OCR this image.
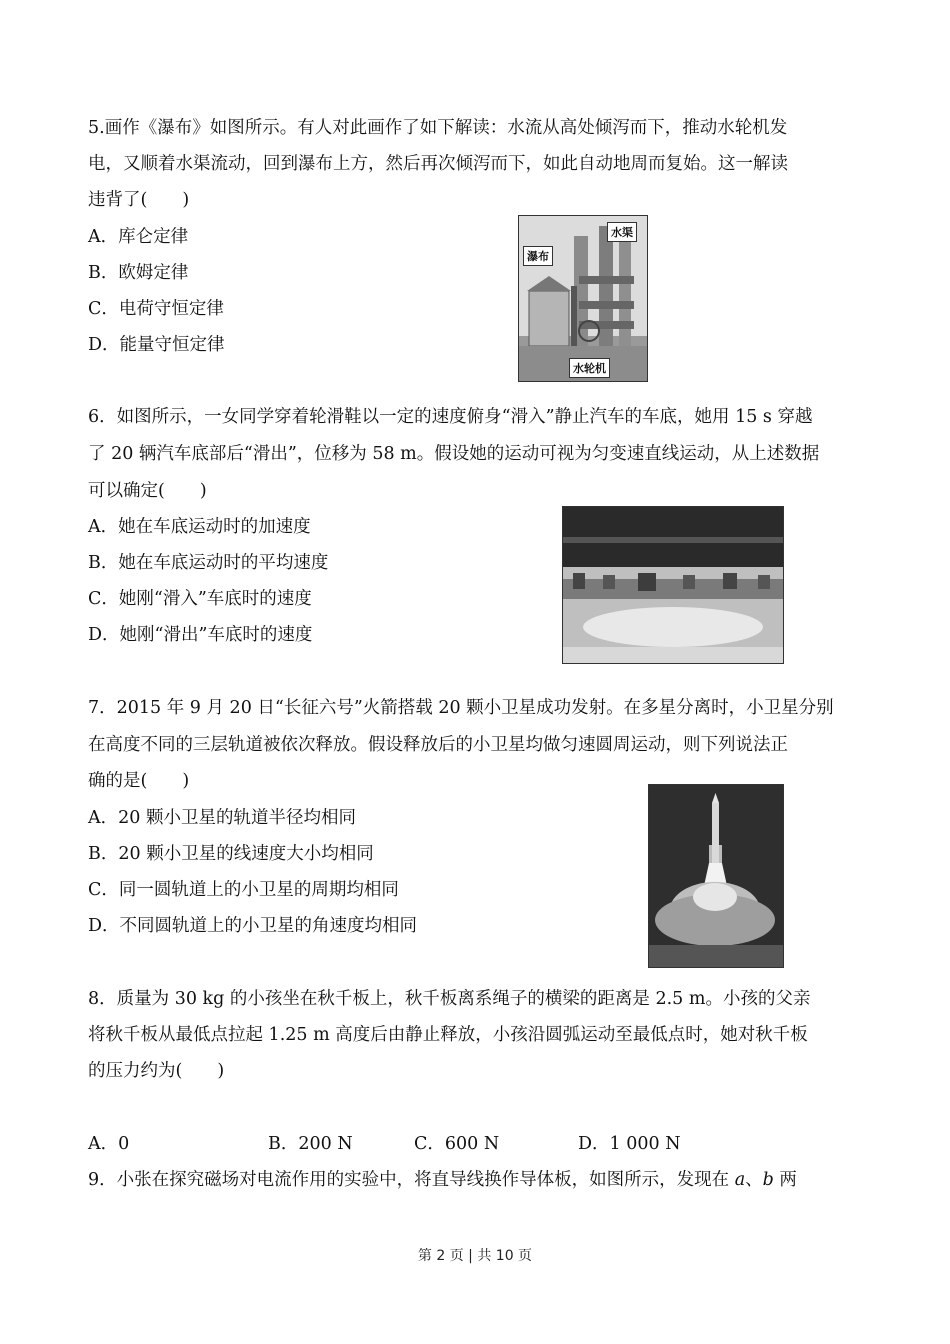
5.画作《瀑布》如图所示。有人对此画作了如下解读：水流从高处倾泻而下，推动水轮机发
电，又顺着水渠流动，回到瀑布上方，然后再次倾泻而下，如此自动地周而复始。这一解读
违背了(　　)
A．库仑定律
B．欧姆定律
C．电荷守恒定律
D．能量守恒定律
瀑布
水渠
水轮机
6．如图所示，一女同学穿着轮滑鞋以一定的速度俯身“滑入”静止汽车的车底，她用 15 s 穿越
了 20 辆汽车底部后“滑出”，位移为 58 m。假设她的运动可视为匀变速直线运动，从上述数据
可以确定(　　)
A．她在车底运动时的加速度
B．她在车底运动时的平均速度
C．她刚“滑入”车底时的速度
D．她刚“滑出”车底时的速度
7．2015 年 9 月 20 日“长征六号”火箭搭载 20 颗小卫星成功发射。在多星分离时，小卫星分别
在高度不同的三层轨道被依次释放。假设释放后的小卫星均做匀速圆周运动，则下列说法正
确的是(　　)
A．20 颗小卫星的轨道半径均相同
B．20 颗小卫星的线速度大小均相同
C．同一圆轨道上的小卫星的周期均相同
D．不同圆轨道上的小卫星的角速度均相同
8．质量为 30 kg 的小孩坐在秋千板上，秋千板离系绳子的横梁的距离是 2.5 m。小孩的父亲
将秋千板从最低点拉起 1.25 m 高度后由静止释放，小孩沿圆弧运动至最低点时，她对秋千板
的压力约为(　　)
A．0	B．200 N	C．600 N	D．1 000 N
9．小张在探究磁场对电流作用的实验中，将直导线换作导体板，如图所示，发现在 a、b 两
第 2 页 | 共 10 页
